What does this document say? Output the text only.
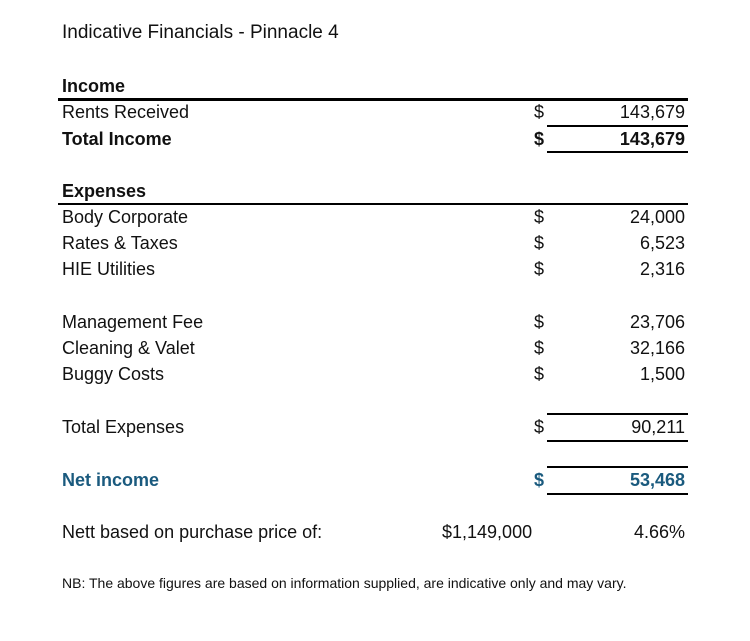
Indicative Financials - Pinnacle 4
Income
Rents Received	$	143,679
Total Income	$	143,679
Expenses
Body Corporate	$	24,000
Rates & Taxes	$	6,523
HIE Utilities	$	2,316
Management Fee	$	23,706
Cleaning & Valet	$	32,166
Buggy Costs	$	1,500
Total Expenses	$	90,211
Net income	$	53,468
Nett based on purchase price of:	$1,149,000	4.66%
NB: The above figures are based on information supplied, are indicative only and may vary.
